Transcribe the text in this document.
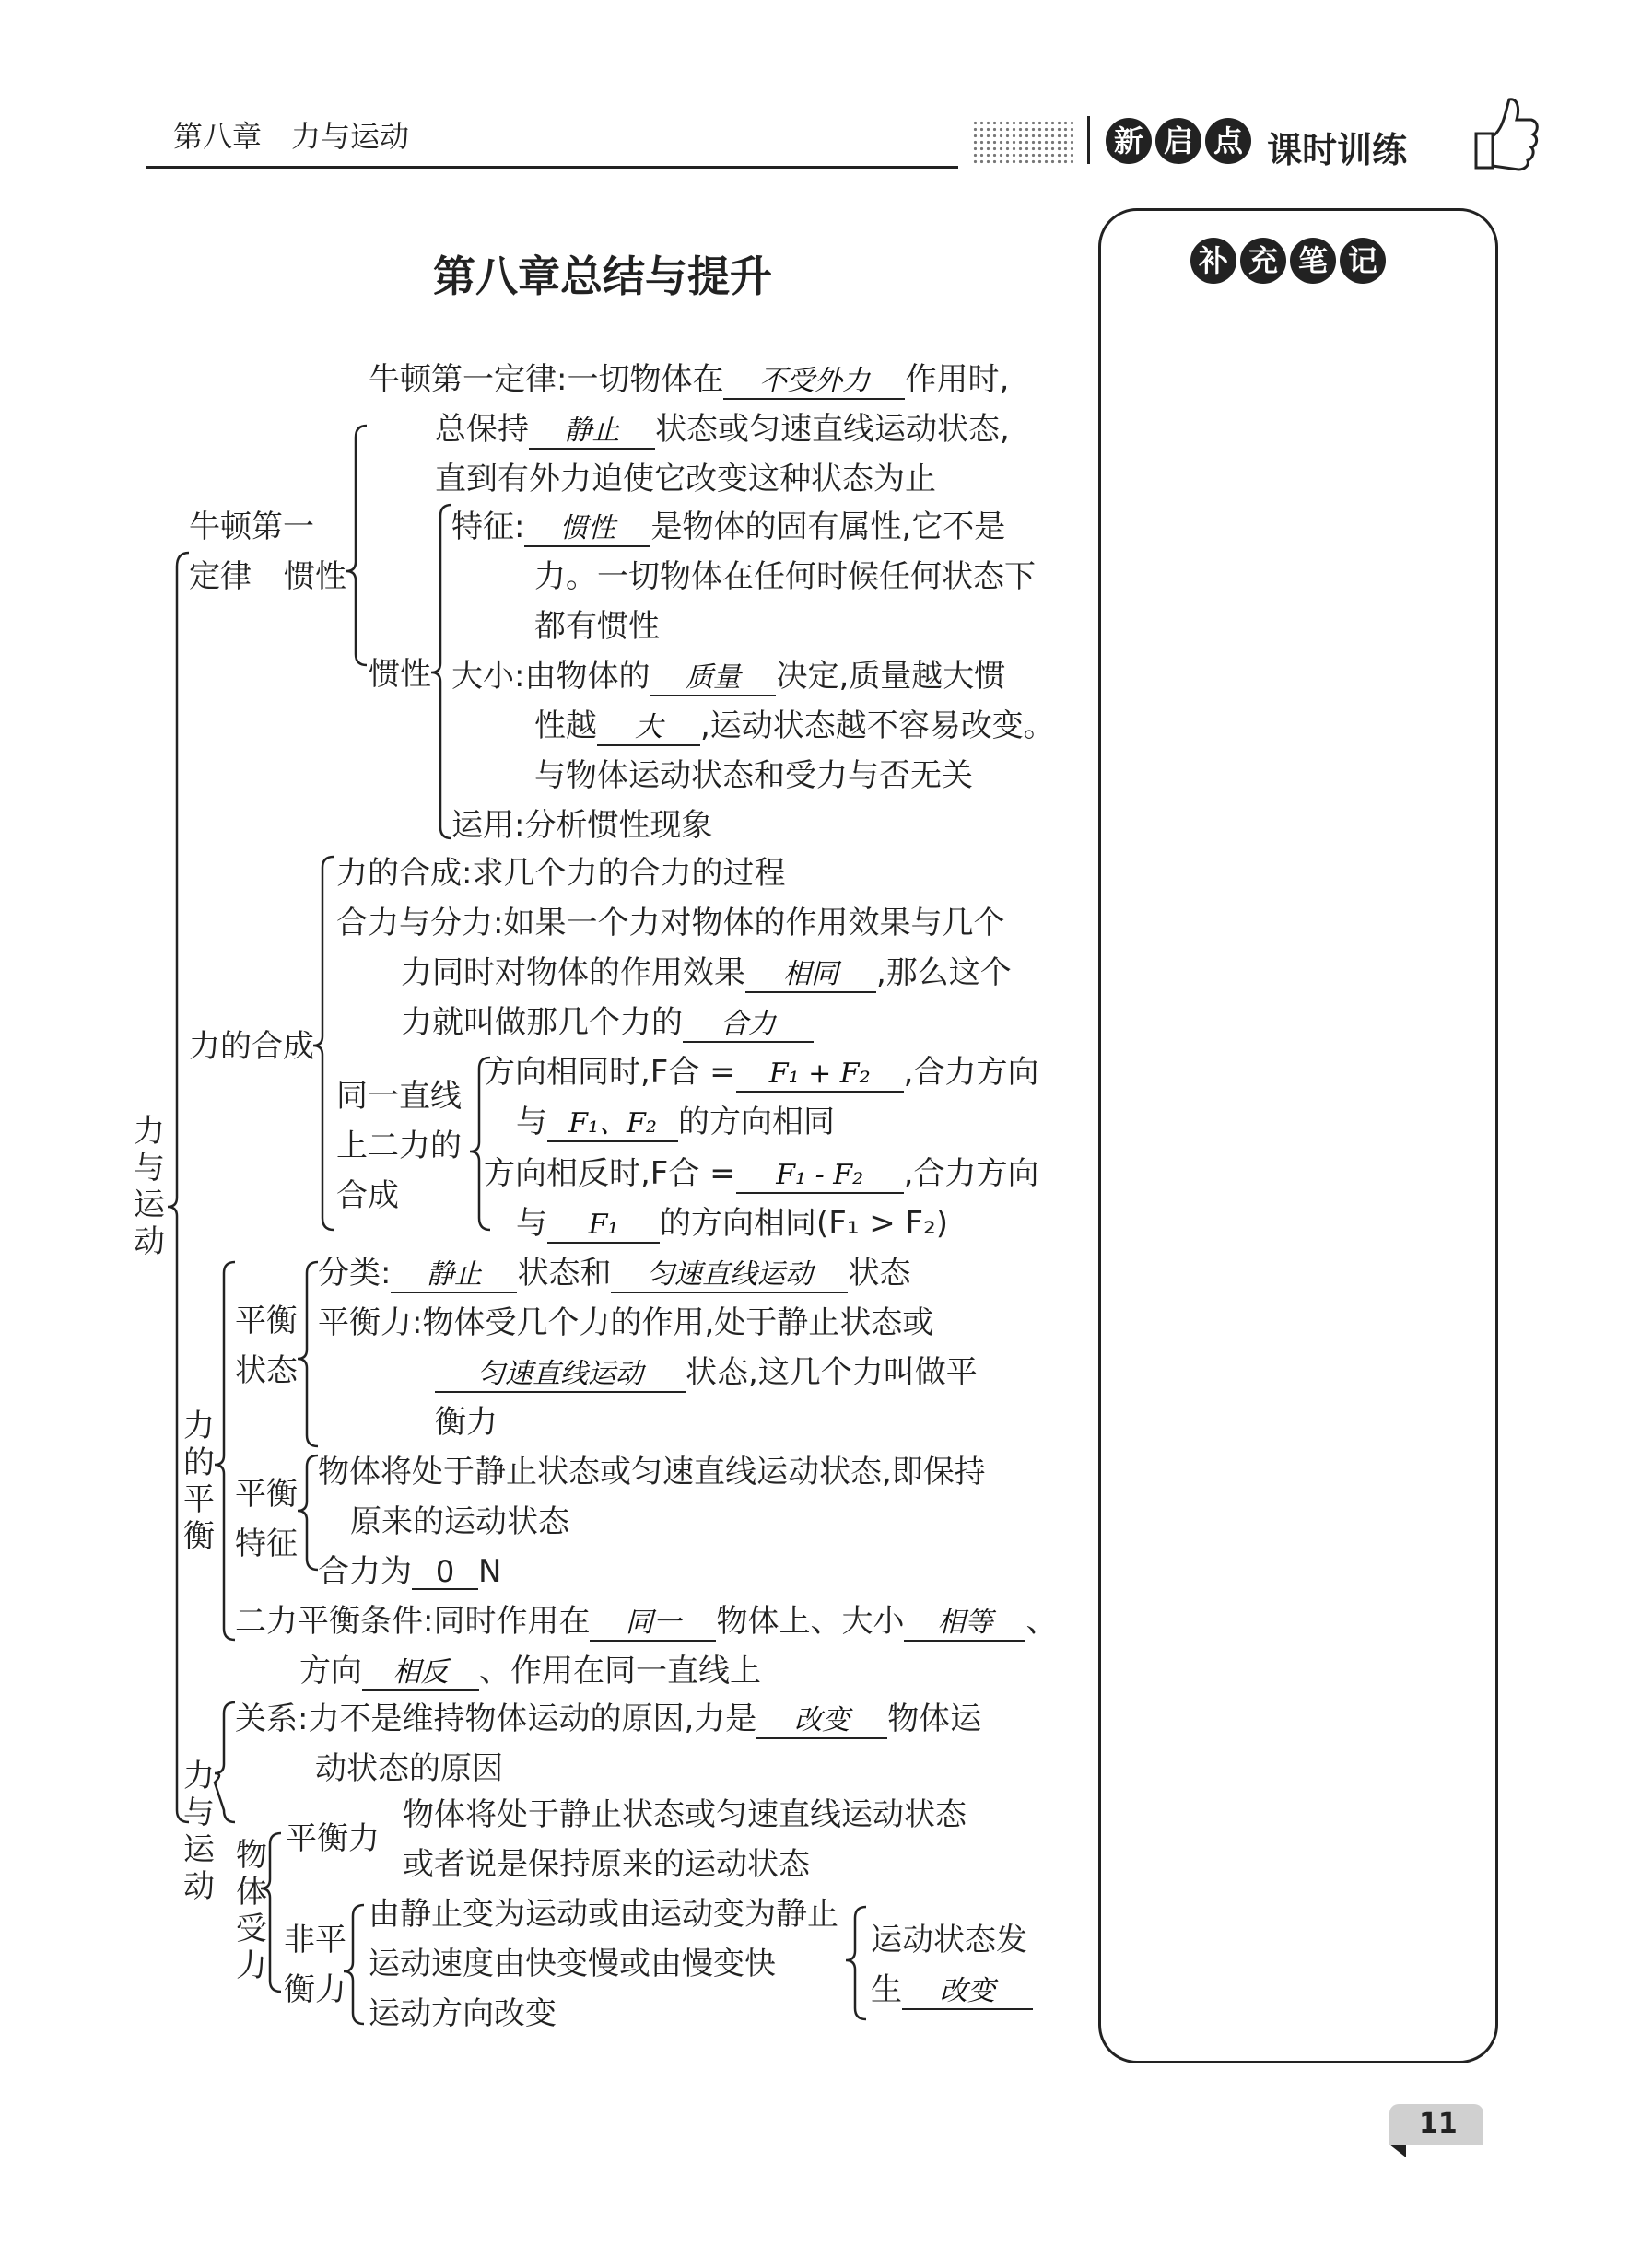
第八章　力与运动	新 启 点 课时训练
第八章总结与提升	补 充 笔 记
力与运动
牛顿第一
定律 惯性
牛顿第一定律:一切物体在 不受外力 作用时,
总保持 静止 状态或匀速直线运动状态,
直到有外力迫使它改变这种状态为止
惯性
特征: 惯性 是物体的固有属性,它不是
力。一切物体在任何时候任何状态下
都有惯性
大小:由物体的 质量 决定,质量越大惯
性越 大 ,运动状态越不容易改变。
与物体运动状态和受力与否无关
运用:分析惯性现象
力的合成
力的合成:求几个力的合力的过程
合力与分力:如果一个力对物体的作用效果与几个
力同时对物体的作用效果 相同 ,那么这个
力就叫做那几个力的 合力
同一直线
上二力的
合成
方向相同时,F合 = F₁ + F₂ ,合力方向
与 F₁、F₂ 的方向相同
方向相反时,F合 = F₁ - F₂ ,合力方向
与 F₁ 的方向相同(F₁ > F₂)
力
的
平
衡
平衡
状态
分类: 静止 状态和 匀速直线运动 状态
平衡力:物体受几个力的作用,处于静止状态或
匀速直线运动 状态,这几个力叫做平
衡力
平衡
特征
物体将处于静止状态或匀速直线运动状态,即保持
原来的运动状态
合力为 0 N
二力平衡条件:同时作用在 同一 物体上、大小 相等 、
方向 相反 、作用在同一直线上
力
与
运
动
关系:力不是维持物体运动的原因,力是 改变 物体运
动状态的原因
物
体
受
力
平衡力
物体将处于静止状态或匀速直线运动状态
或者说是保持原来的运动状态
非平
衡力
由静止变为运动或由运动变为静止
运动速度由快变慢或由慢变快
运动方向改变
运动状态发
生 改变
11
